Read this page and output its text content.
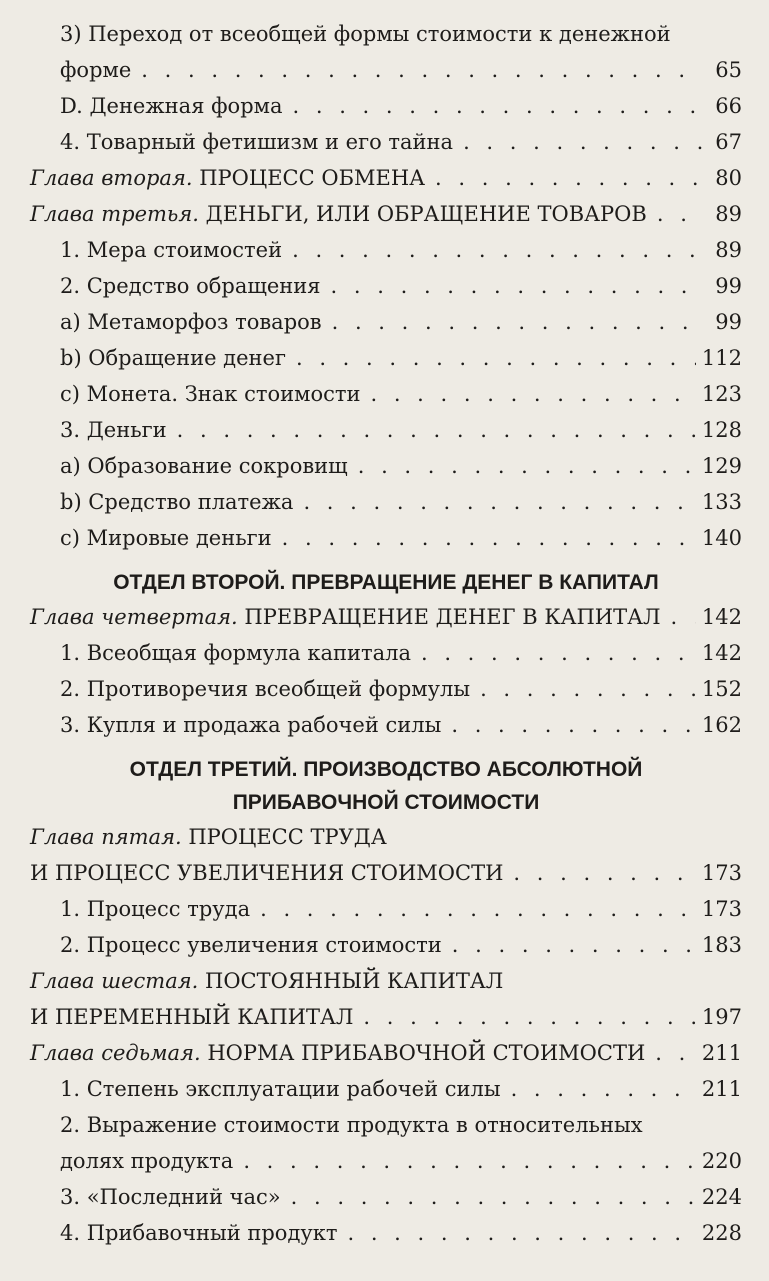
3) Переход от всеобщей формы стоимости к денежной
форме . . .	65
D. Денежная форма . . .	66
4. Товарный фетишизм и его тайна . . .	67
Глава вторая. ПРОЦЕСС ОБМЕНА . . .	80
Глава третья. ДЕНЬГИ, ИЛИ ОБРАЩЕНИЕ ТОВАРОВ . . .	89
1. Мера стоимостей . . .	89
2. Средство обращения . . .	99
a) Метаморфоз товаров . . .	99
b) Обращение денег . . .	112
c) Монета. Знак стоимости . . .	123
3. Деньги . . .	128
a) Образование сокровищ . . .	129
b) Средство платежа . . .	133
c) Мировые деньги . . .	140

ОТДЕЛ ВТОРОЙ. ПРЕВРАЩЕНИЕ ДЕНЕГ В КАПИТАЛ

Глава четвертая. ПРЕВРАЩЕНИЕ ДЕНЕГ В КАПИТАЛ . . . 142
1. Всеобщая формула капитала . . .	142
2. Противоречия всеобщей формулы . . .	152
3. Купля и продажа рабочей силы . . .	162

ОТДЕЛ ТРЕТИЙ. ПРОИЗВОДСТВО АБСОЛЮТНОЙ

ПРИБАВОЧНОЙ СТОИМОСТИ

Глава пятая. ПРОЦЕСС ТРУДА
И ПРОЦЕСС УВЕЛИЧЕНИЯ СТОИМОСТИ . . .	173
1. Процесс труда . . .	173
2. Процесс увеличения стоимости . . .	183
Глава шестая. ПОСТОЯННЫЙ КАПИТАЛ
И ПЕРЕМЕННЫЙ КАПИТАЛ . . .	197
Глава седьмая. НОРМА ПРИБАВОЧНОЙ СТОИМОСТИ . . .	211
1. Степень эксплуатации рабочей силы . . .	211
2. Выражение стоимости продукта в относительных
долях продукта . . .	220
3. «Последний час» . . .	224
4. Прибавочный продукт . . .	228
